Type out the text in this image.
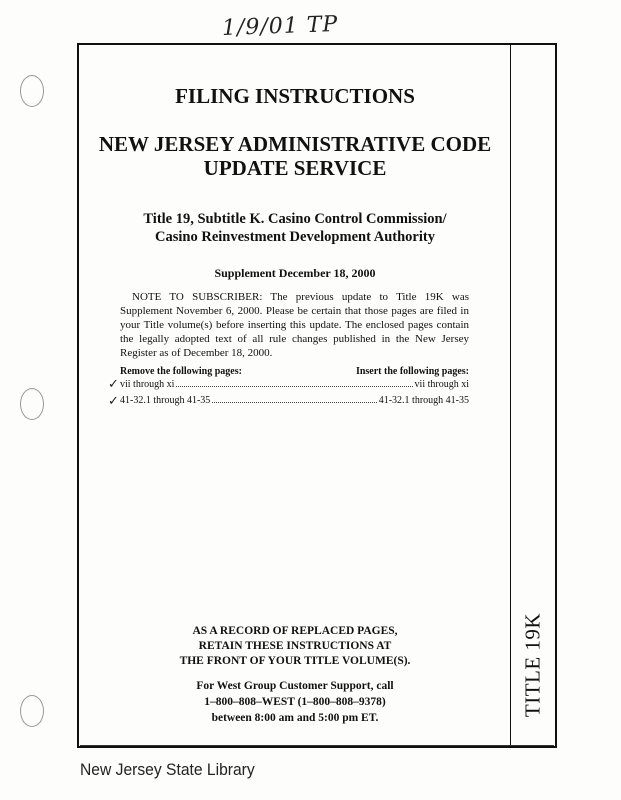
1/9/01 TP
TITLE 19K
FILING INSTRUCTIONS
NEW JERSEY ADMINISTRATIVE CODE
UPDATE SERVICE
Title 19, Subtitle K. Casino Control Commission/
Casino Reinvestment Development Authority
Supplement December 18, 2000
NOTE TO SUBSCRIBER: The previous update to Title 19K was Supplement November 6, 2000. Please be certain that those pages are filed in your Title volume(s) before inserting this update. The enclosed pages contain the legally adopted text of all rule changes published in the New Jersey Register as of December 18, 2000.
Remove the following pages:	Insert the following pages:
✓ vii through xi	vii through xi
✓ 41-32.1 through 41-35	41-32.1 through 41-35
AS A RECORD OF REPLACED PAGES,
RETAIN THESE INSTRUCTIONS AT
THE FRONT OF YOUR TITLE VOLUME(S).
For West Group Customer Support, call
1–800–808–WEST (1–800–808–9378)
between 8:00 am and 5:00 pm ET.
New Jersey State Library
